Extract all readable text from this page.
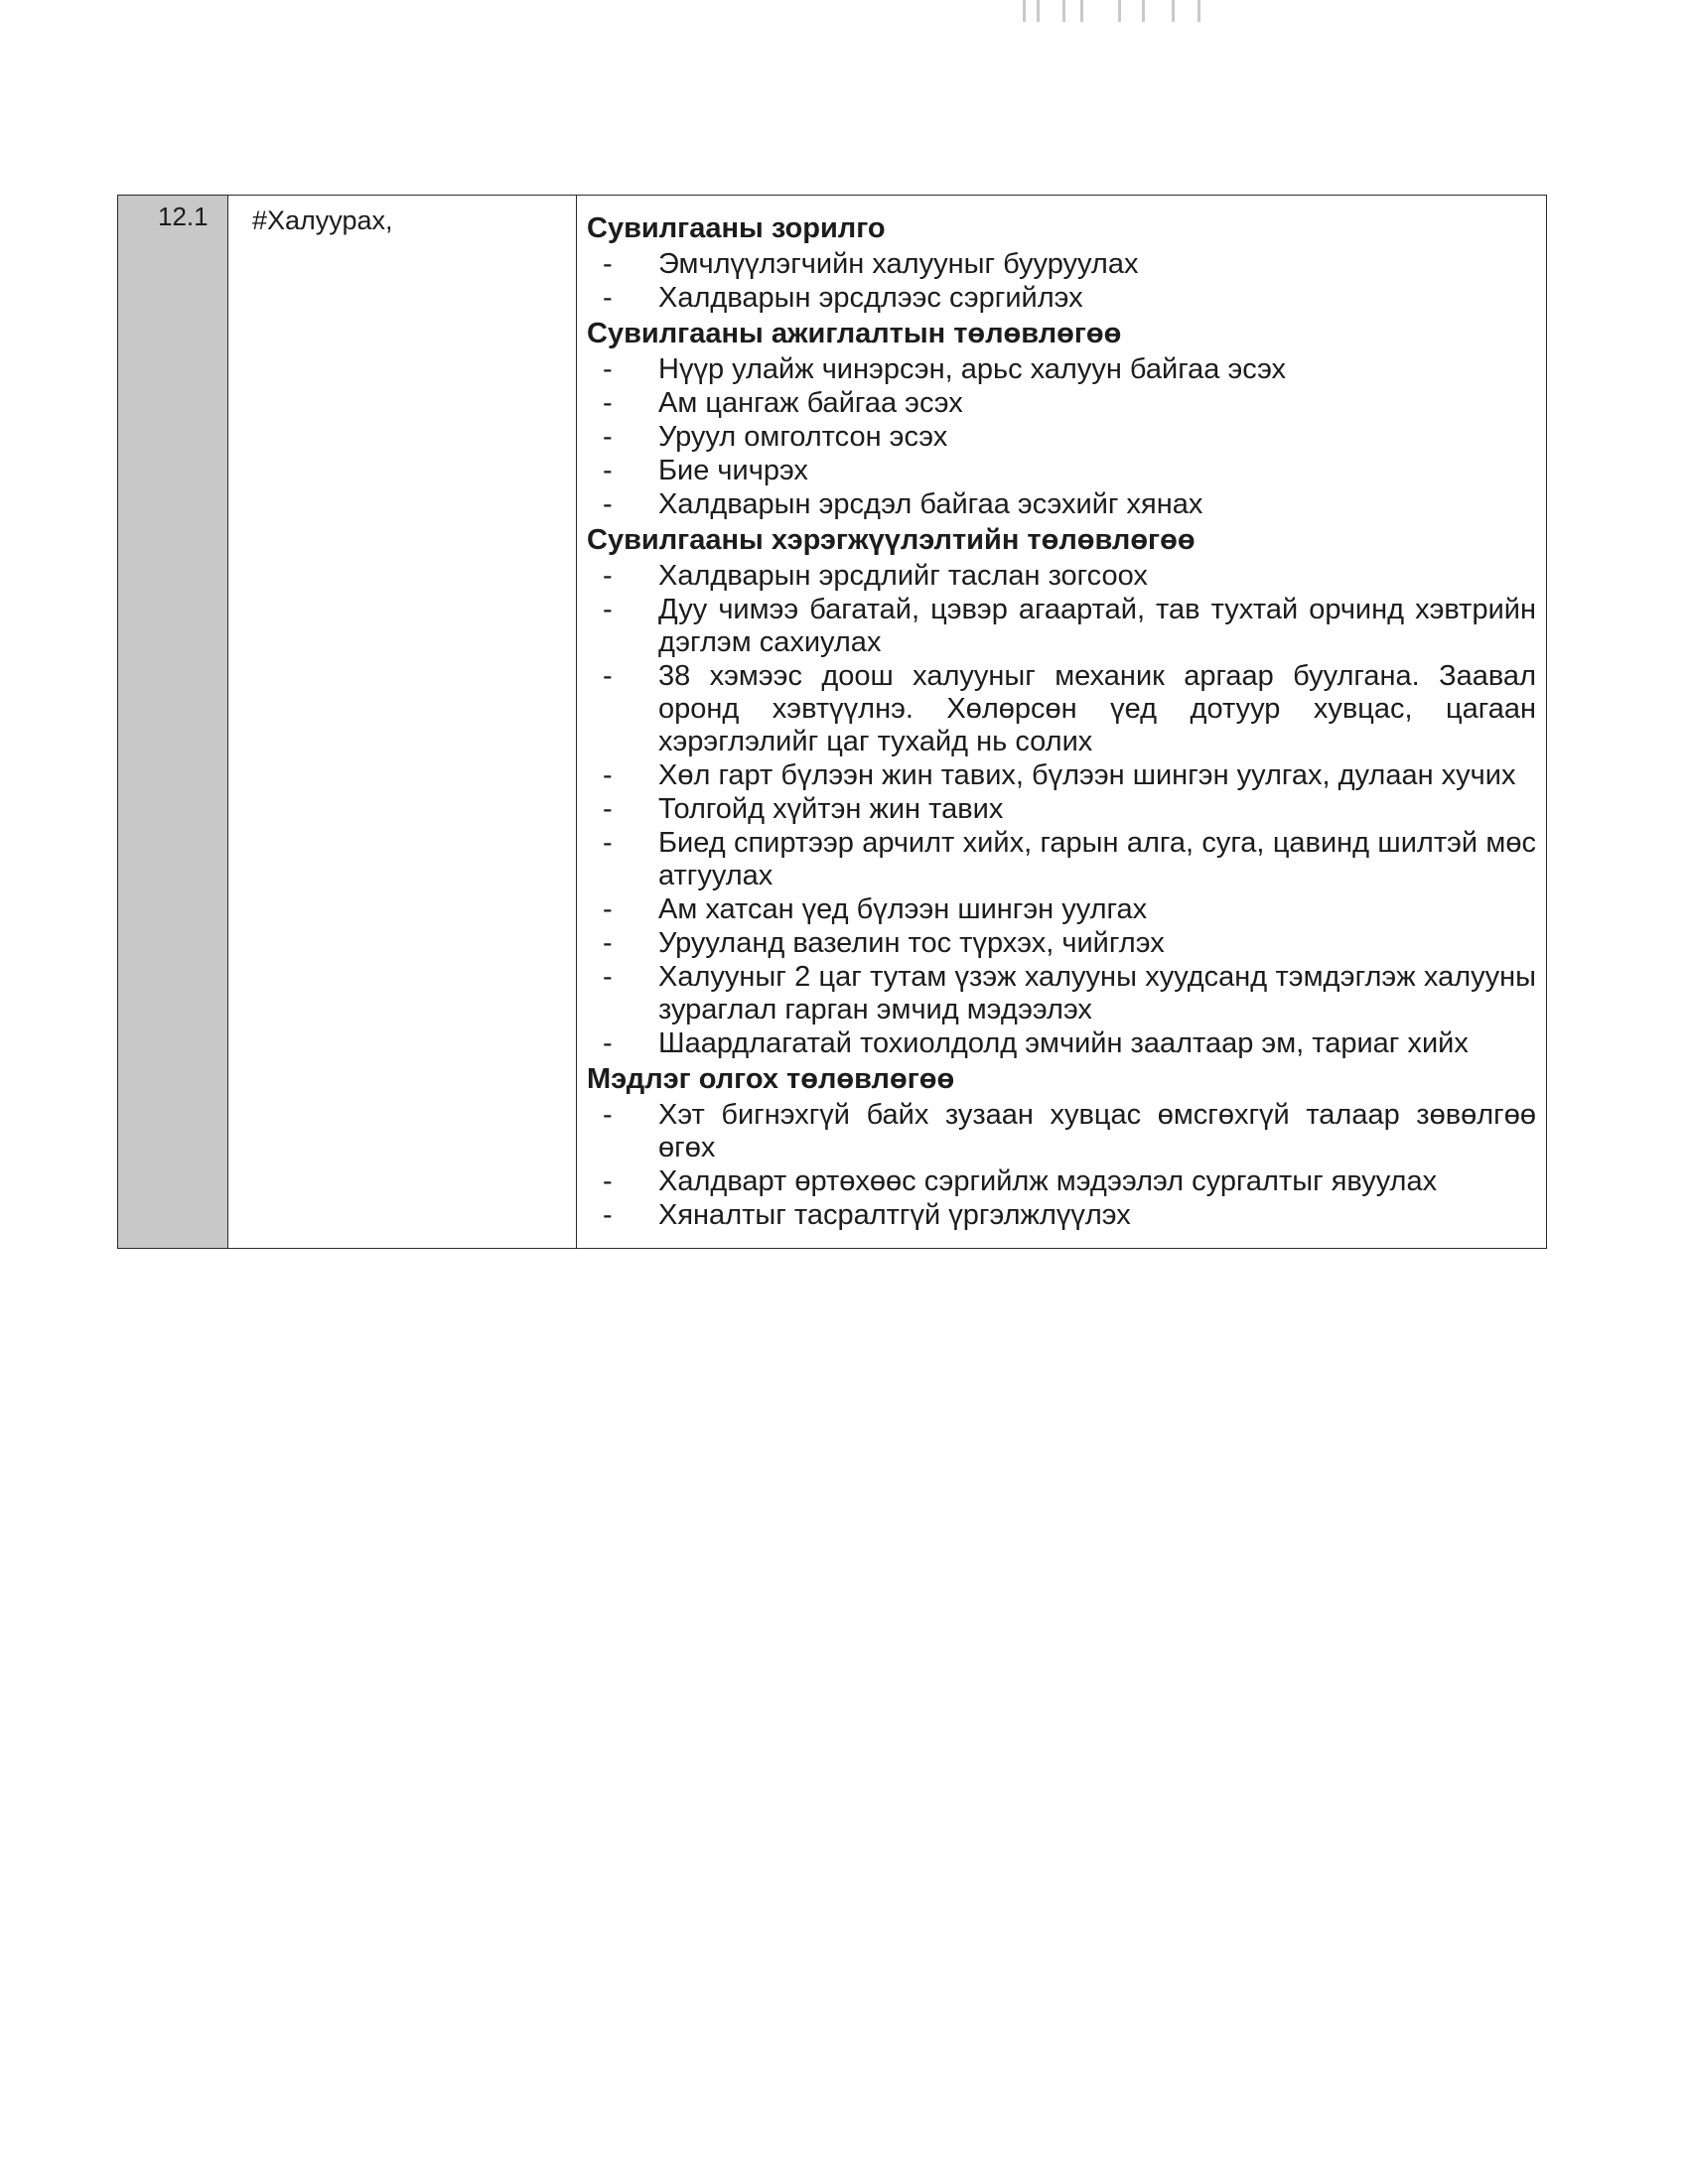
12.1	#Халуурах,	Сувилгааны зорилго
- Эмчлүүлэгчийн халууныг бууруулах
- Халдварын эрсдлээс сэргийлэх
Сувилгааны ажиглалтын төлөвлөгөө
- Нүүр улайж чинэрсэн, арьс халуун байгаа эсэх
- Ам цангаж байгаа эсэх
- Уруул омголтсон эсэх
- Бие чичрэх
- Халдварын эрсдэл байгаа эсэхийг хянах
Сувилгааны хэрэгжүүлэлтийн төлөвлөгөө
- Халдварын эрсдлийг таслан зогсоох
- Дуу чимээ багатай, цэвэр агаартай, тав тухтай орчинд хэвтрийн дэглэм сахиулах
- 38 хэмээс доош халууныг механик аргаар буулгана. Заавал оронд хэвтүүлнэ. Хөлөрсөн үед дотуур хувцас, цагаан хэрэглэлийг цаг тухайд нь солих
- Хөл гарт бүлээн жин тавих, бүлээн шингэн уулгах, дулаан хучих
- Толгойд хүйтэн жин тавих
- Биед спиртээр арчилт хийх, гарын алга, суга, цавинд шилтэй мөс атгуулах
- Ам хатсан үед бүлээн шингэн уулгах
- Урууланд вазелин тос түрхэх, чийглэх
- Халууныг 2 цаг тутам үзэж халууны хуудсанд тэмдэглэж халууны зураглал гарган эмчид мэдээлэх
- Шаардлагатай тохиолдолд эмчийн заалтаар эм, тариаг хийх
Мэдлэг олгох төлөвлөгөө
- Хэт бигнэхгүй байх зузаан хувцас өмсгөхгүй талаар зөвөлгөө өгөх
- Халдварт өртөхөөс сэргийлж мэдээлэл сургалтыг явуулах
- Хяналтыг тасралтгүй үргэлжлүүлэх
